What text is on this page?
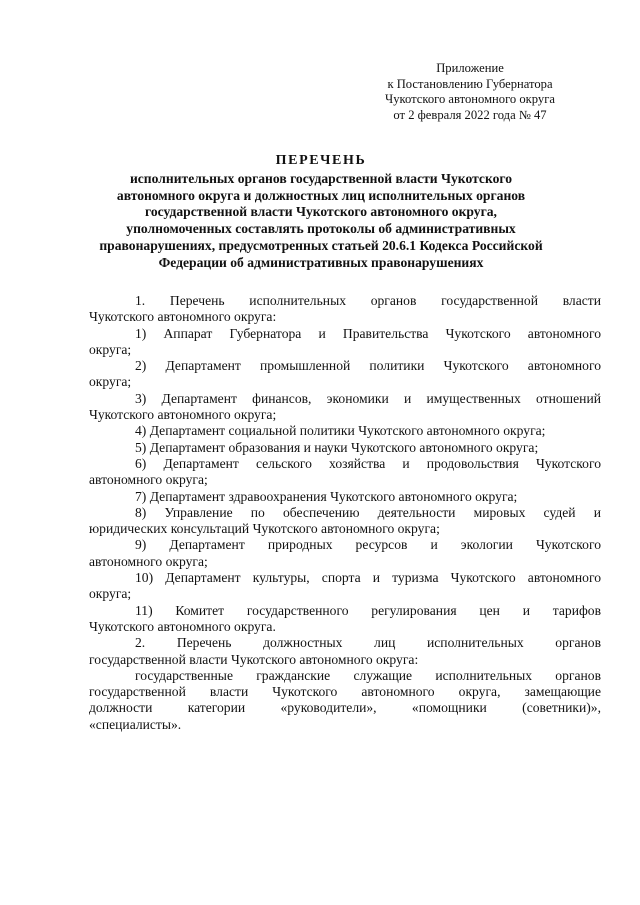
Приложение
к Постановлению Губернатора
Чукотского автономного округа
от 2 февраля 2022 года № 47
ПЕРЕЧЕНЬ
исполнительных органов государственной власти Чукотского
автономного округа и должностных лиц исполнительных органов
государственной власти Чукотского автономного округа,
уполномоченных составлять протоколы об административных
правонарушениях, предусмотренных статьей 20.6.1 Кодекса Российской
Федерации об административных правонарушениях
1. Перечень исполнительных органов государственной власти
Чукотского автономного округа:
1) Аппарат Губернатора и Правительства Чукотского автономного
округа;
2) Департамент промышленной политики Чукотского автономного
округа;
3) Департамент финансов, экономики и имущественных отношений
Чукотского автономного округа;
4) Департамент социальной политики Чукотского автономного округа;
5) Департамент образования и науки Чукотского автономного округа;
6) Департамент сельского хозяйства и продовольствия Чукотского
автономного округа;
7) Департамент здравоохранения Чукотского автономного округа;
8) Управление по обеспечению деятельности мировых судей и
юридических консультаций Чукотского автономного округа;
9) Департамент природных ресурсов и экологии Чукотского
автономного округа;
10) Департамент культуры, спорта и туризма Чукотского автономного
округа;
11) Комитет государственного регулирования цен и тарифов
Чукотского автономного округа.
2. Перечень должностных лиц исполнительных органов
государственной власти Чукотского автономного округа:
государственные гражданские служащие исполнительных органов
государственной власти Чукотского автономного округа, замещающие
должности категории «руководители», «помощники (советники)»,
«специалисты».
